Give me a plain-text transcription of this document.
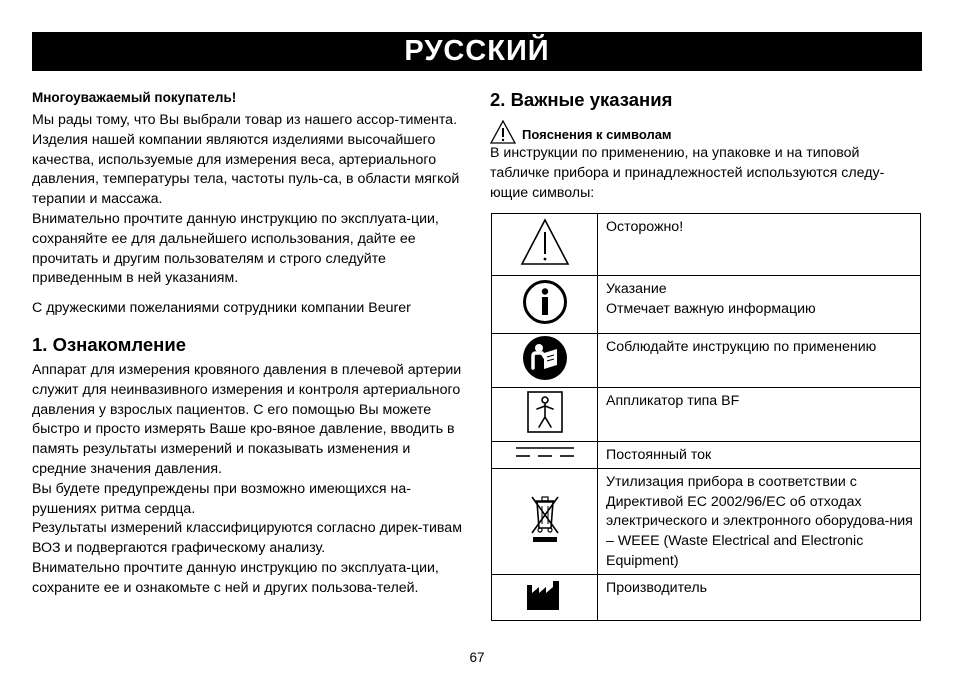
РУССКИЙ
Многоуважаемый покупатель!

Мы рады тому, что Вы выбрали товар из нашего ассор-тимента. Изделия нашей компании являются изделиями высочайшего качества, используемые для измерения веса, артериального давления, температуры тела, частоты пуль-са, в области мягкой терапии и массажа.

Внимательно прочтите данную инструкцию по эксплуата-ции, сохраняйте ее для дальнейшего использования, дайте ее прочитать и другим пользователям и строго следуйте приведенным в ней указаниям.

С дружескими пожеланиями сотрудники компании Beurer

1. Ознакомление

Аппарат для измерения кровяного давления в плечевой артерии служит для неинвазивного измерения и контроля артериального давления у взрослых пациентов. С его помощью Вы можете быстро и просто измерять Ваше кро-вяное давление, вводить в память результаты измерений и показывать изменения и средние значения давления.

Вы будете предупреждены при возможно имеющихся на-рушениях ритма сердца.

Результаты измерений классифицируются согласно дирек-тивам ВОЗ и подвергаются графическому анализу.

Внимательно прочтите данную инструкцию по эксплуата-ции, сохраните ее и ознакомьте с ней и других пользова-телей.

2. Важные указания
Пояснения к символам

В инструкции по применению, на упаковке и на типовой табличке прибора и принадлежностей используются следу-ющие символы:

Осторожно!

Указание
Отмечает важную информацию

Соблюдайте инструкцию по применению

Аппликатор типа BF

Постоянный ток

Утилизация прибора в соответствии с Директивой ЕС 2002/96/ЕС об отходах электрического и электронного оборудова-ния – WEEE (Waste Electrical and Electronic Equipment)

Производитель
67
